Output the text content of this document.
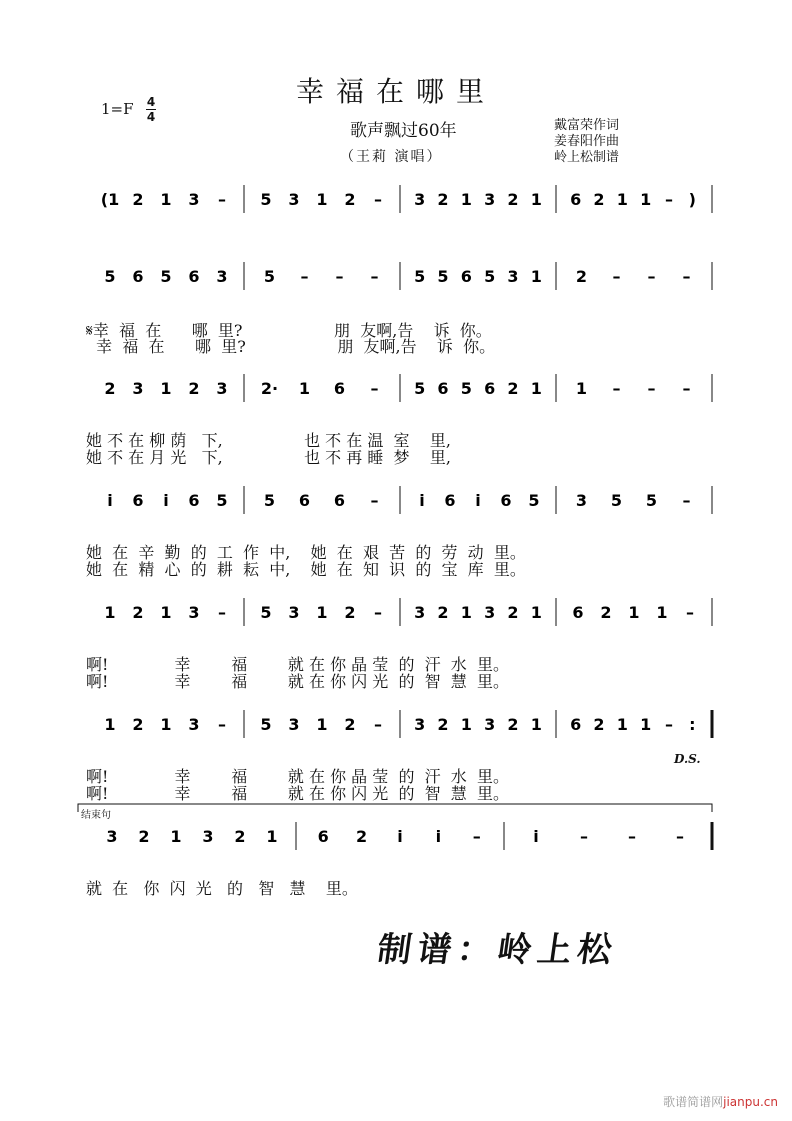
幸福在哪里
1=F 4
4
歌声飘过60年
（王莉 演唱）
戴富荣作词
姜春阳作曲
岭上松制谱
(1 2 1 3 – 5 3 1 2 – 3 2 1 3 2 1 6 2 1 1 – )
5 6 5 6 3 5 – – – 5 5 6 5 3 1 2 – – –
2 3 1 2 3 2· 1 6 – 5 6 5 6 2 1 1 – – –
i 6 i 6 5 5 6 6 –	i 6 i 6 5 3 5 5 –
1 2 1 3 – 5 3 1 2 – 3 2 1 3 2 1 6 2 1 1 –
1 2 1 3 – 5 3 1 2 – 3 2 1 3 2 1 6 2 1 1 – :
3 2 1 3 2 1	6 2 i i –	i	–	–	–
D.S.
结束句
𝄋幸  福  在      哪  里?                  朋  友啊,告    诉  你。
幸  福  在      哪  里?                  朋  友啊,告    诉  你。
她 不 在 柳 荫   下,                也 不 在 温  室    里,
她 不 在 月 光   下,                也 不 再 睡  梦    里,
她  在  辛  勤  的  工  作  中,    她  在  艰  苦  的  劳  动  里。
她  在  精  心  的  耕  耘  中,    她  在  知  识  的  宝  库  里。
啊!             幸        福        就 在 你 晶 莹  的  汗  水  里。
啊!             幸        福        就 在 你 闪 光  的  智  慧  里。
啊!             幸        福        就 在 你 晶 莹  的  汗  水  里。
啊!             幸        福        就 在 你 闪 光  的  智  慧  里。
就  在   你  闪  光   的   智   慧    里。
制谱：岭上松
歌谱简谱网jianpu.cn
